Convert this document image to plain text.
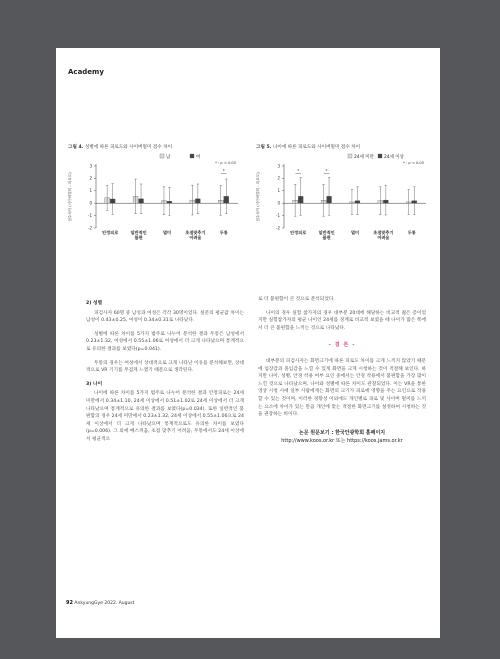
Academy
그림 4. 성별에 따른 피로도와 사이버멀미 점수 차이
점수차이 (사이버멀미 - 피로도)
3
2
1
0
-1
-2
남	여
* : p < 0.05
안정피로	일반적인
불편
멀미	초점맞추기
어려움
*
두통
그림 5. 나이에 따른 피로도와 사이버멀미 점수 차이
점수차이 (사이버멀미 - 피로도)
3
2
1
0
-1
-2
24세 미만 24세 이상
* : p < 0.05
*
안정피로
*
일반적인
불편
멀미	초점맞추기
어려움
두통

2) 성별

피검사자 60명 중 남성과 여성은 각각 30명이었다. 설문의 평균값 차이는 남성이 0.43±0.25, 여성이 0.34±0.31로 나타났다.

성별에 따른 차이를 5가지 범주로 나누어 분석한 결과 두통은 남성에서 0.23±1.32, 여성에서 0.55±1.06로 여성에서 더 크게 나타났으며 통계적으로 유의한 결과를 보였다(p=0.041).

두통의 경우는 여성에서 상대적으로 크게 나타난 이유를 분석해보면, 상대적으로 VR 기기를 무겁게 느꼈기 때문으로 생각된다.

3) 나이

나이에 따른 차이를 5가지 범주로 나누어 분석한 결과 안정피로는 24세 미만에서 0.34±1.10, 24세 이상에서 0.51±1.02로 24세 이상에서 더 크게 나타났으며 통계적으로 유의한 결과를 보였다(p=0.034). 또한 일반적인 불편함의 경우 24세 미만에서 0.23±1.32, 24세 이상에서 0.55±1.06으로 24세 이상에서 더 크게 나타났으며 통계적으로도 유의한 차이를 보였다(p=0.006). 그 외에 메스꺼움, 초점 맞추기 어려움, 두통에서도 24세 이상에서 평균적으

로 더 불편함이 큰 것으로 분석되었다.

나이의 경우 실험 참가자의 경우 대부분 20대에 해당하는 비교적 젊은 층이었지만 실험참가자의 평균 나이인 24세를 경계로 비교적 보였을 때 나이가 많은 쪽에서 더 큰 불편함을 느끼는 것으로 나타났다.

- 결 론 -

대부분의 피검사자는 화면크기에 따른 피로도 차이를 크게 느끼지 않았기 때문에 임장감과 몰입감을 느낄 수 있게 화면을 크게 시청하는 것이 적절해 보인다. 하지만 나이, 성별, 안경 착용 여부 요인 중에서는 안경 착용에서 불편함을 가장 많이 느낀 것으로 나타났으며, 나이와 성별에 따른 차이도 관찰되었다. 이는 VR을 통한 영상 시청 시에 일부 사람에게는 화면의 크기가 피로에 영향을 주는 요인으로 작용할 수 있는 것이며, 이러한 경향성 이외에도 개인별로 피로 및 사이버 멀미를 느끼는 요소에 차이가 있는 만큼 개인에 맞는 적절한 화면크기를 설정하여 시청하는 것을 권장하는 바이다.

논문 원문보기 : 한국안광학회 홈페이지

http://www.koos.or.kr 또는 https://koos.jams.or.kr

92 AnkyungGye 2022. August
